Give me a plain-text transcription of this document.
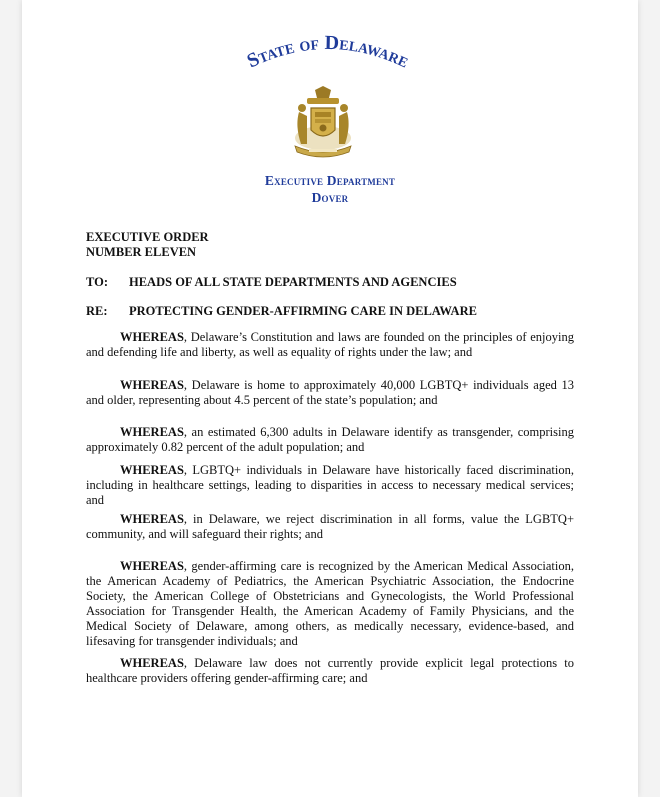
State of Delaware
Executive Department
Dover
EXECUTIVE ORDER
NUMBER ELEVEN
TO: HEADS OF ALL STATE DEPARTMENTS AND AGENCIES
RE: PROTECTING GENDER-AFFIRMING CARE IN DELAWARE
WHEREAS, Delaware’s Constitution and laws are founded on the principles of enjoying and defending life and liberty, as well as equality of rights under the law; and
WHEREAS, Delaware is home to approximately 40,000 LGBTQ+ individuals aged 13 and older, representing about 4.5 percent of the state’s population; and
WHEREAS, an estimated 6,300 adults in Delaware identify as transgender, comprising approximately 0.82 percent of the adult population; and
WHEREAS, LGBTQ+ individuals in Delaware have historically faced discrimination, including in healthcare settings, leading to disparities in access to necessary medical services; and
WHEREAS, in Delaware, we reject discrimination in all forms, value the LGBTQ+ community, and will safeguard their rights; and
WHEREAS, gender-affirming care is recognized by the American Medical Association, the American Academy of Pediatrics, the American Psychiatric Association, the Endocrine Society, the American College of Obstetricians and Gynecologists, the World Professional Association for Transgender Health, the American Academy of Family Physicians, and the Medical Society of Delaware, among others, as medically necessary, evidence-based, and lifesaving for transgender individuals; and
WHEREAS, Delaware law does not currently provide explicit legal protections to healthcare providers offering gender-affirming care; and
